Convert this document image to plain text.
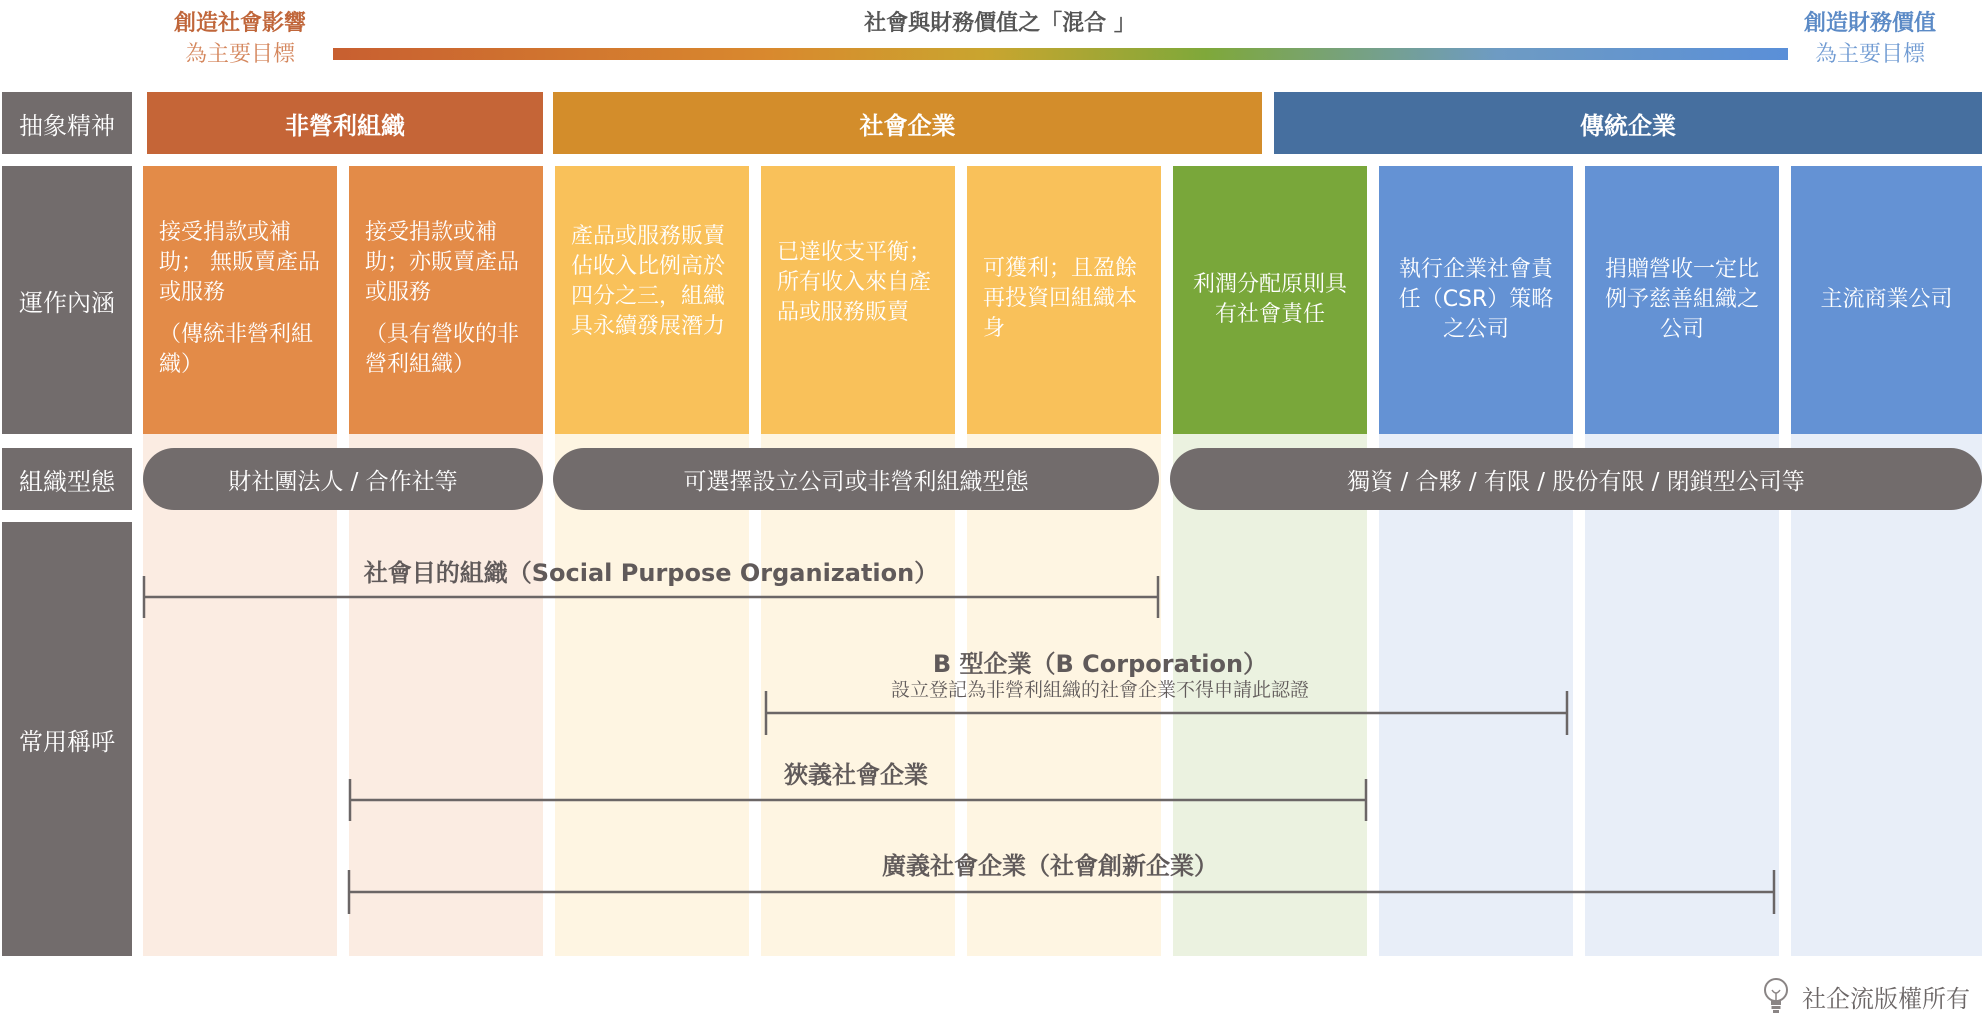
創造社會影響
為主要目標
社會與財務價值之「混合 」	創造財務價值
為主要目標
抽象精神
運作內涵
組織型態
常用稱呼
非營利組織	社會企業	傳統企業
接受捐款或補助； 無販賣產品或服務
（傳統非營利組織）
接受捐款或補助；亦販賣產品或服務
（具有營收的非營利組織）
產品或服務販賣佔收入比例高於四分之三，組織具永續發展潛力
已達收支平衡；所有收入來自產品或服務販賣
可獲利；且盈餘再投資回組織本身
利潤分配原則具有社會責任
執行企業社會責任（CSR）策略之公司
捐贈營收一定比例予慈善組織之公司
主流商業公司
財社團法人 / 合作社等	可選擇設立公司或非營利組織型態	獨資 / 合夥 / 有限 / 股份有限 / 閉鎖型公司等
社會目的組織（Social Purpose Organization）
B 型企業（B Corporation）
設立登記為非營利組織的社會企業不得申請此認證
狹義社會企業
廣義社會企業（社會創新企業）
社企流版權所有
